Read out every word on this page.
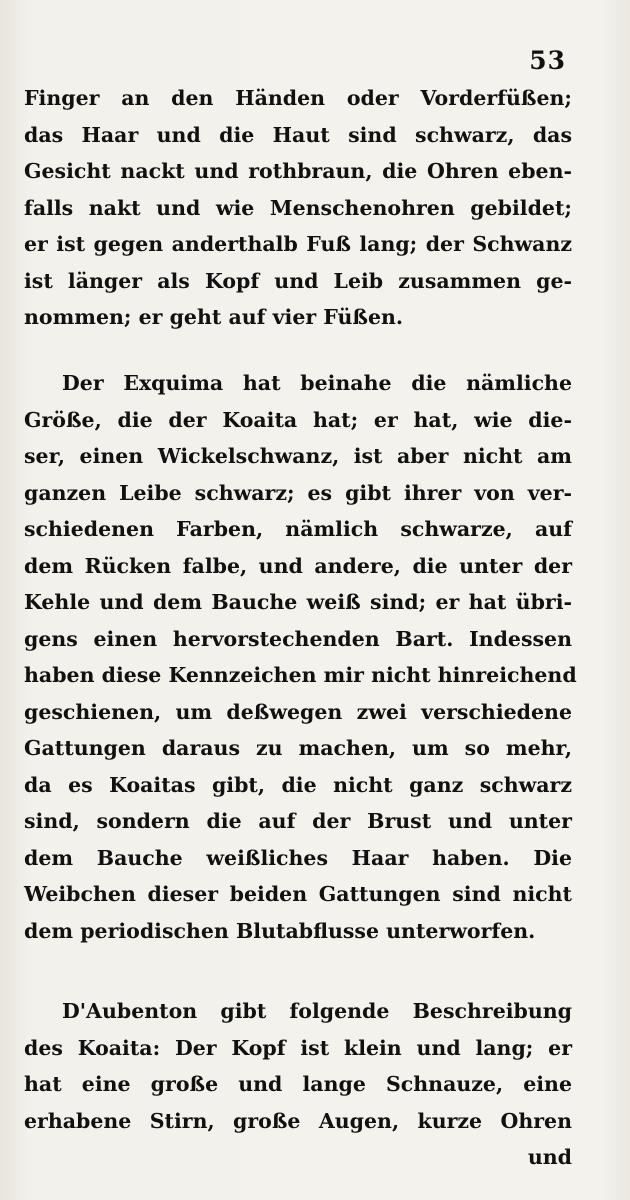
53
Finger an den Händen oder Vorderfüßen;
das Haar und die Haut sind schwarz, das
Gesicht nackt und rothbraun, die Ohren eben-
falls nakt und wie Menschenohren gebildet;
er ist gegen anderthalb Fuß lang; der Schwanz
ist länger als Kopf und Leib zusammen ge-
nommen; er geht auf vier Füßen.
Der Exquima hat beinahe die nämliche
Größe, die der Koaita hat; er hat, wie die-
ser, einen Wickelschwanz, ist aber nicht am
ganzen Leibe schwarz; es gibt ihrer von ver-
schiedenen Farben, nämlich schwarze, auf
dem Rücken falbe, und andere, die unter der
Kehle und dem Bauche weiß sind; er hat übri-
gens einen hervorstechenden Bart. Indessen
haben diese Kennzeichen mir nicht hinreichend
geschienen, um deßwegen zwei verschiedene
Gattungen daraus zu machen, um so mehr,
da es Koaitas gibt, die nicht ganz schwarz
sind, sondern die auf der Brust und unter
dem Bauche weißliches Haar haben. Die
Weibchen dieser beiden Gattungen sind nicht
dem periodischen Blutabflusse unterworfen.
D'Aubenton gibt folgende Beschreibung
des Koaita: Der Kopf ist klein und lang; er
hat eine große und lange Schnauze, eine
erhabene Stirn, große Augen, kurze Ohren
und
